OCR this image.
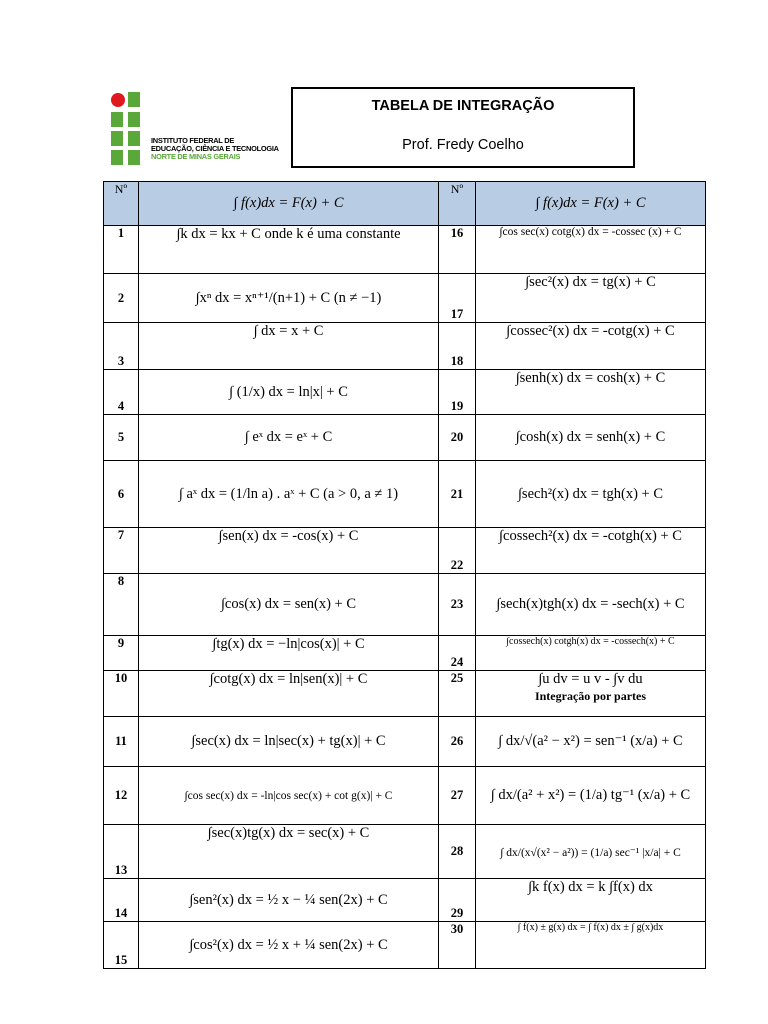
INSTITUTO FEDERAL DE
EDUCAÇÃO, CIÊNCIA E TECNOLOGIA
NORTE DE MINAS GERAIS
TABELA DE INTEGRAÇÃO
Prof. Fredy Coelho
Nº	∫ f(x)dx = F(x) + C	Nº	∫ f(x)dx = F(x) + C
1	∫k dx = kx + C onde k é uma constante	16	∫cos sec(x) cotg(x) dx = -cossec (x) + C
2	∫xⁿ dx = xⁿ⁺¹/(n+1) + C (n ≠ −1)	17	∫sec²(x) dx = tg(x) + C
3	∫ dx = x + C	18	∫cossec²(x) dx = -cotg(x) + C
4	∫ (1/x) dx = ln|x| + C	19	∫senh(x) dx = cosh(x) + C
5	∫ eˣ dx = eˣ + C	20	∫cosh(x) dx = senh(x) + C
6	∫ aˣ dx = (1/ln a) . aˣ + C (a > 0, a ≠ 1)	21	∫sech²(x) dx = tgh(x) + C
7	∫sen(x) dx = -cos(x) + C	22	∫cossech²(x) dx = -cotgh(x) + C
8	∫cos(x) dx = sen(x) + C	23	∫sech(x)tgh(x) dx = -sech(x) + C
9	∫tg(x) dx = −ln|cos(x)| + C	24	∫cossech(x) cotgh(x) dx = -cossech(x) + C
10	∫cotg(x) dx = ln|sen(x)| + C	25	∫u dv = u v - ∫v du
Integração por partes

11	∫sec(x) dx = ln|sec(x) + tg(x)| + C	26	∫ dx/√(a² − x²) = sen⁻¹ (x/a) + C
12	∫cos sec(x) dx = -ln|cos sec(x) + cot g(x)| + C	27	∫ dx/(a² + x²) = (1/a) tg⁻¹ (x/a) + C
13	∫sec(x)tg(x) dx = sec(x) + C	28	∫ dx/(x√(x² − a²)) = (1/a) sec⁻¹ |x/a| + C
14	∫sen²(x) dx = ½ x − ¼ sen(2x) + C	29	∫k f(x) dx = k ∫f(x) dx
15	∫cos²(x) dx = ½ x + ¼ sen(2x) + C	30	∫ f(x) ± g(x) dx = ∫ f(x) dx ± ∫ g(x)dx
